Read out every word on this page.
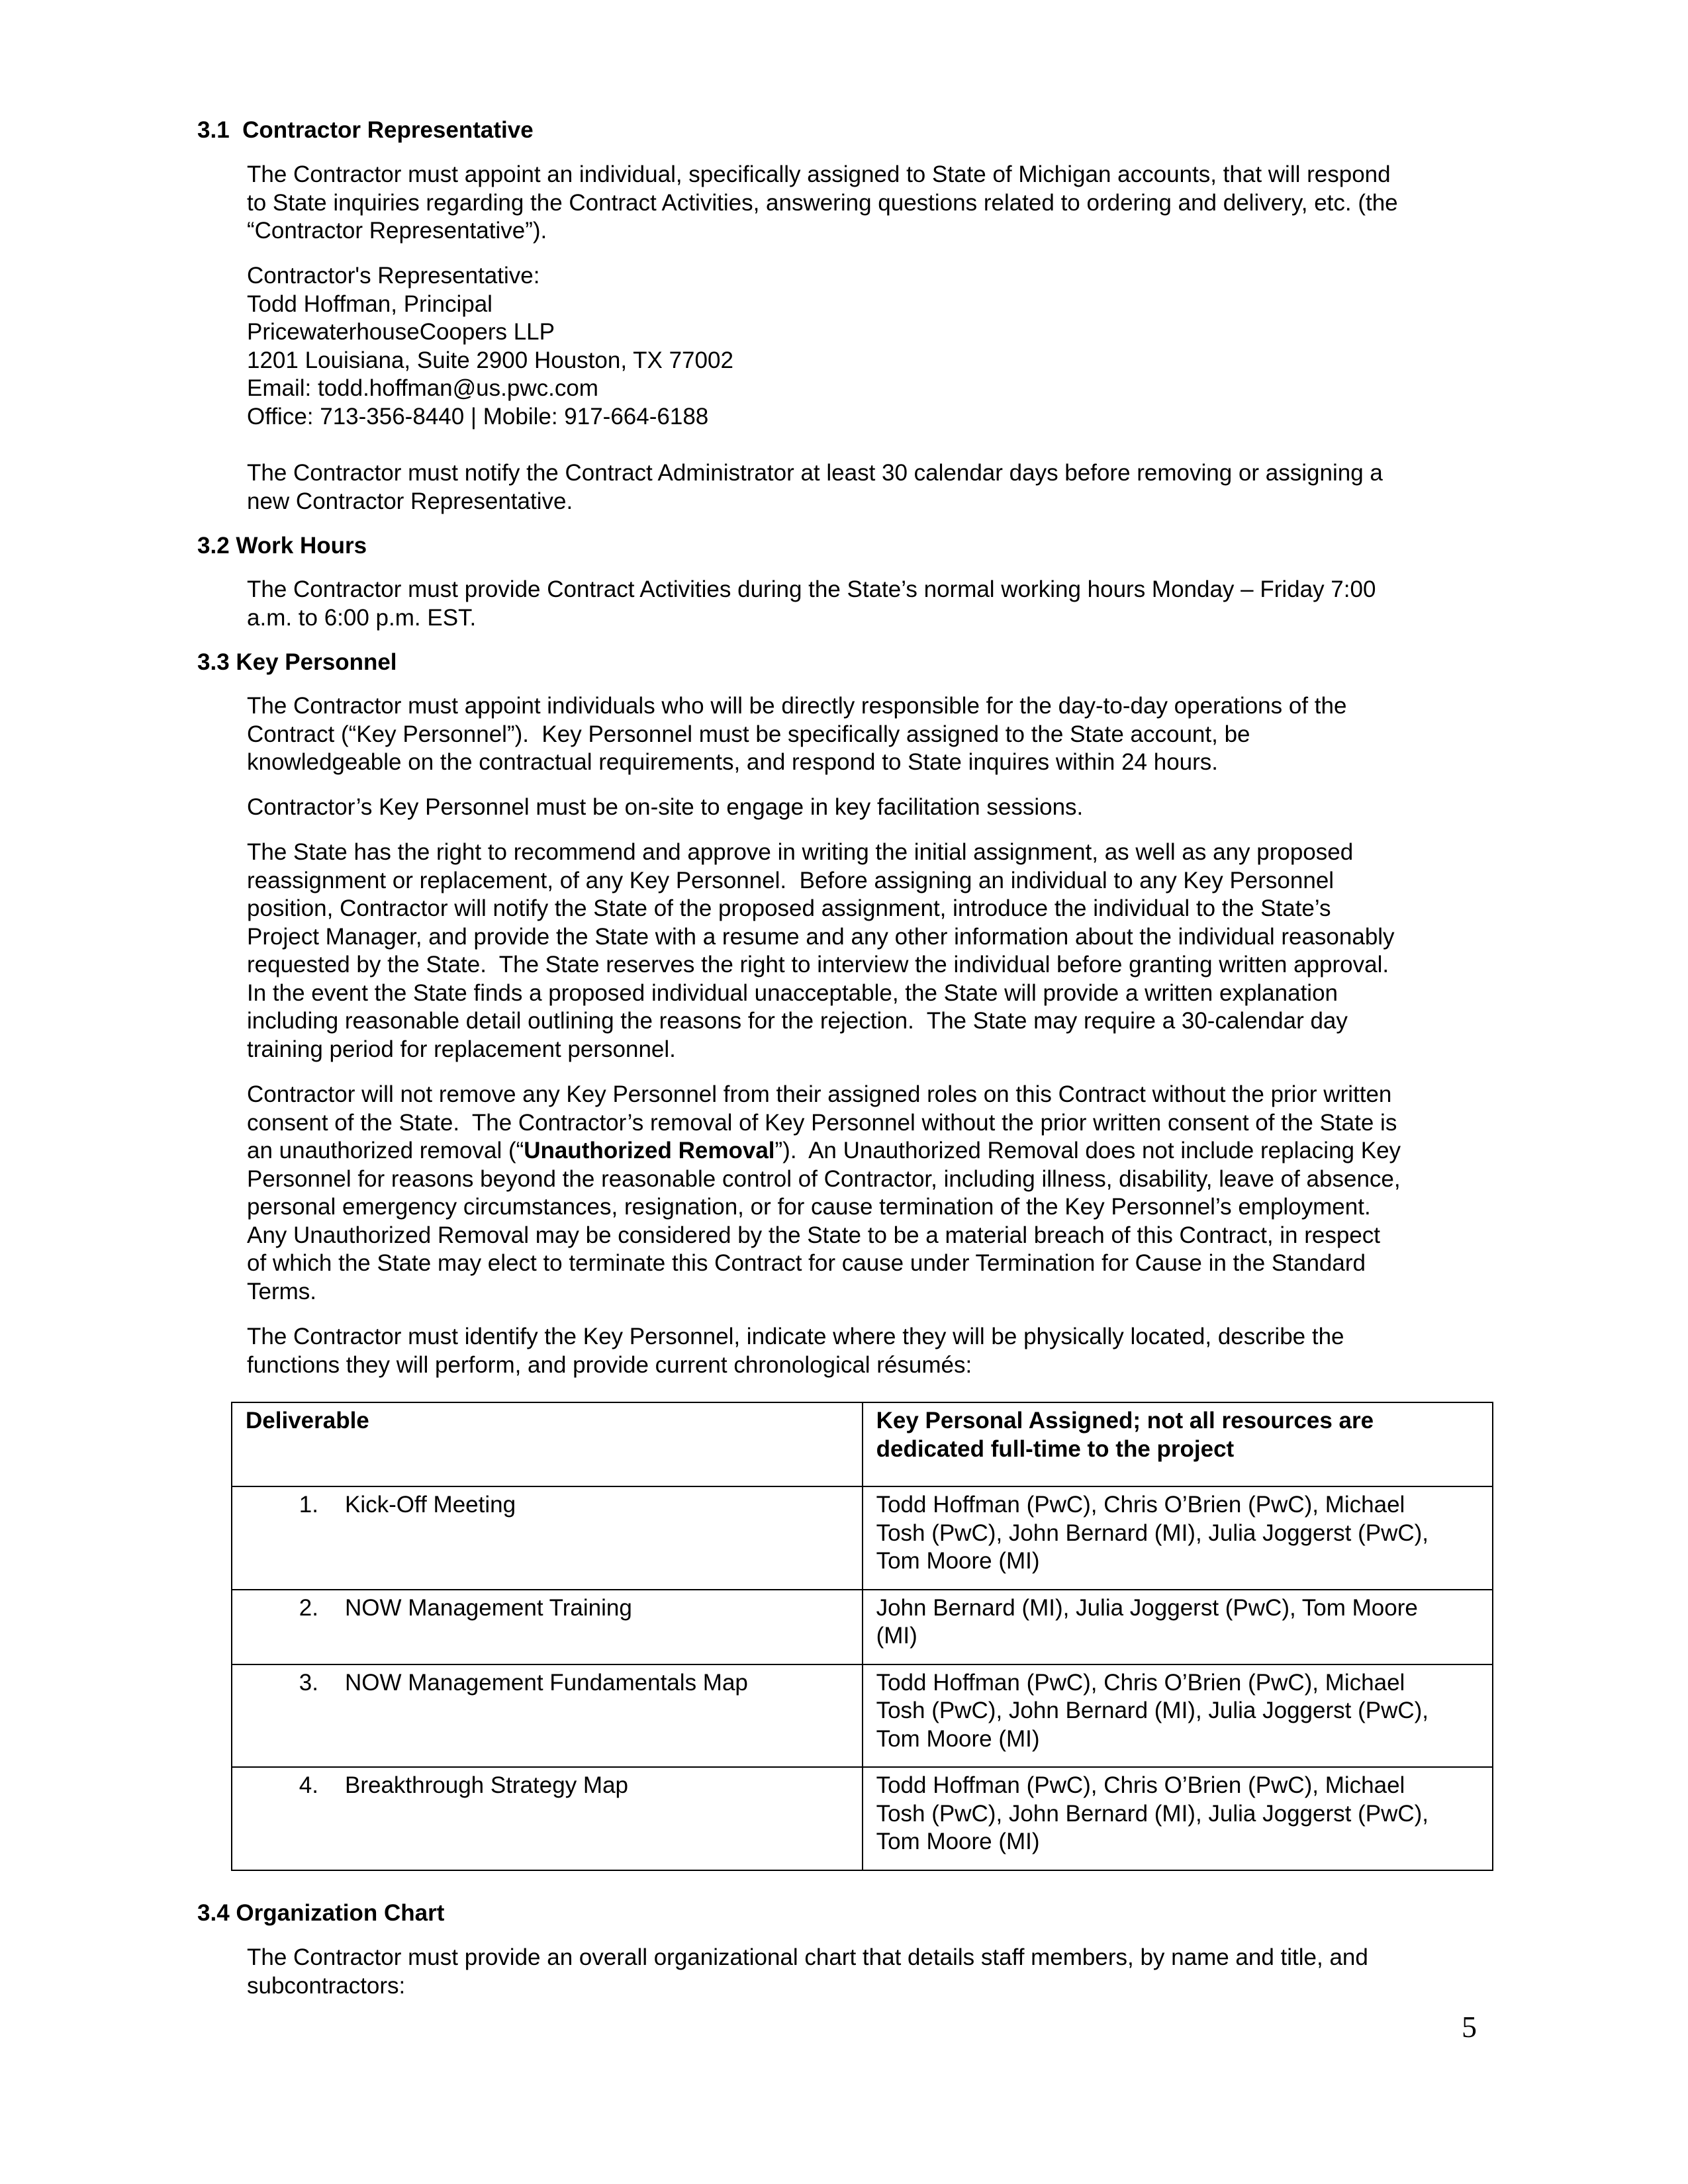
3.1  Contractor Representative
The Contractor must appoint an individual, specifically assigned to State of Michigan accounts, that will respond
to State inquiries regarding the Contract Activities, answering questions related to ordering and delivery, etc. (the
“Contractor Representative”).
Contractor's Representative:
Todd Hoffman, Principal
PricewaterhouseCoopers LLP
1201 Louisiana, Suite 2900 Houston, TX 77002
Email: todd.hoffman@us.pwc.com
Office: 713-356-8440 | Mobile: 917-664-6188
The Contractor must notify the Contract Administrator at least 30 calendar days before removing or assigning a
new Contractor Representative.
3.2 Work Hours
The Contractor must provide Contract Activities during the State’s normal working hours Monday – Friday 7:00
a.m. to 6:00 p.m. EST.
3.3 Key Personnel
The Contractor must appoint individuals who will be directly responsible for the day-to-day operations of the
Contract (“Key Personnel”).  Key Personnel must be specifically assigned to the State account, be
knowledgeable on the contractual requirements, and respond to State inquires within 24 hours.
Contractor’s Key Personnel must be on-site to engage in key facilitation sessions.
The State has the right to recommend and approve in writing the initial assignment, as well as any proposed
reassignment or replacement, of any Key Personnel.  Before assigning an individual to any Key Personnel
position, Contractor will notify the State of the proposed assignment, introduce the individual to the State’s
Project Manager, and provide the State with a resume and any other information about the individual reasonably
requested by the State.  The State reserves the right to interview the individual before granting written approval.
In the event the State finds a proposed individual unacceptable, the State will provide a written explanation
including reasonable detail outlining the reasons for the rejection.  The State may require a 30-calendar day
training period for replacement personnel.
Contractor will not remove any Key Personnel from their assigned roles on this Contract without the prior written
consent of the State.  The Contractor’s removal of Key Personnel without the prior written consent of the State is
an unauthorized removal (“Unauthorized Removal”).  An Unauthorized Removal does not include replacing Key
Personnel for reasons beyond the reasonable control of Contractor, including illness, disability, leave of absence,
personal emergency circumstances, resignation, or for cause termination of the Key Personnel’s employment.
Any Unauthorized Removal may be considered by the State to be a material breach of this Contract, in respect
of which the State may elect to terminate this Contract for cause under Termination for Cause in the Standard
Terms.
The Contractor must identify the Key Personnel, indicate where they will be physically located, describe the
functions they will perform, and provide current chronological résumés:
Deliverable	Key Personal Assigned; not all resources are
dedicated full-time to the project

1. Kick-Off Meeting	Todd Hoffman (PwC), Chris O’Brien (PwC), Michael
Tosh (PwC), John Bernard (MI), Julia Joggerst (PwC),
Tom Moore (MI)

2. NOW Management Training	John Bernard (MI), Julia Joggerst (PwC), Tom Moore
(MI)

3. NOW Management Fundamentals Map	Todd Hoffman (PwC), Chris O’Brien (PwC), Michael
Tosh (PwC), John Bernard (MI), Julia Joggerst (PwC),
Tom Moore (MI)

4. Breakthrough Strategy Map	Todd Hoffman (PwC), Chris O’Brien (PwC), Michael
Tosh (PwC), John Bernard (MI), Julia Joggerst (PwC),
Tom Moore (MI)
3.4 Organization Chart
The Contractor must provide an overall organizational chart that details staff members, by name and title, and
subcontractors:
5
